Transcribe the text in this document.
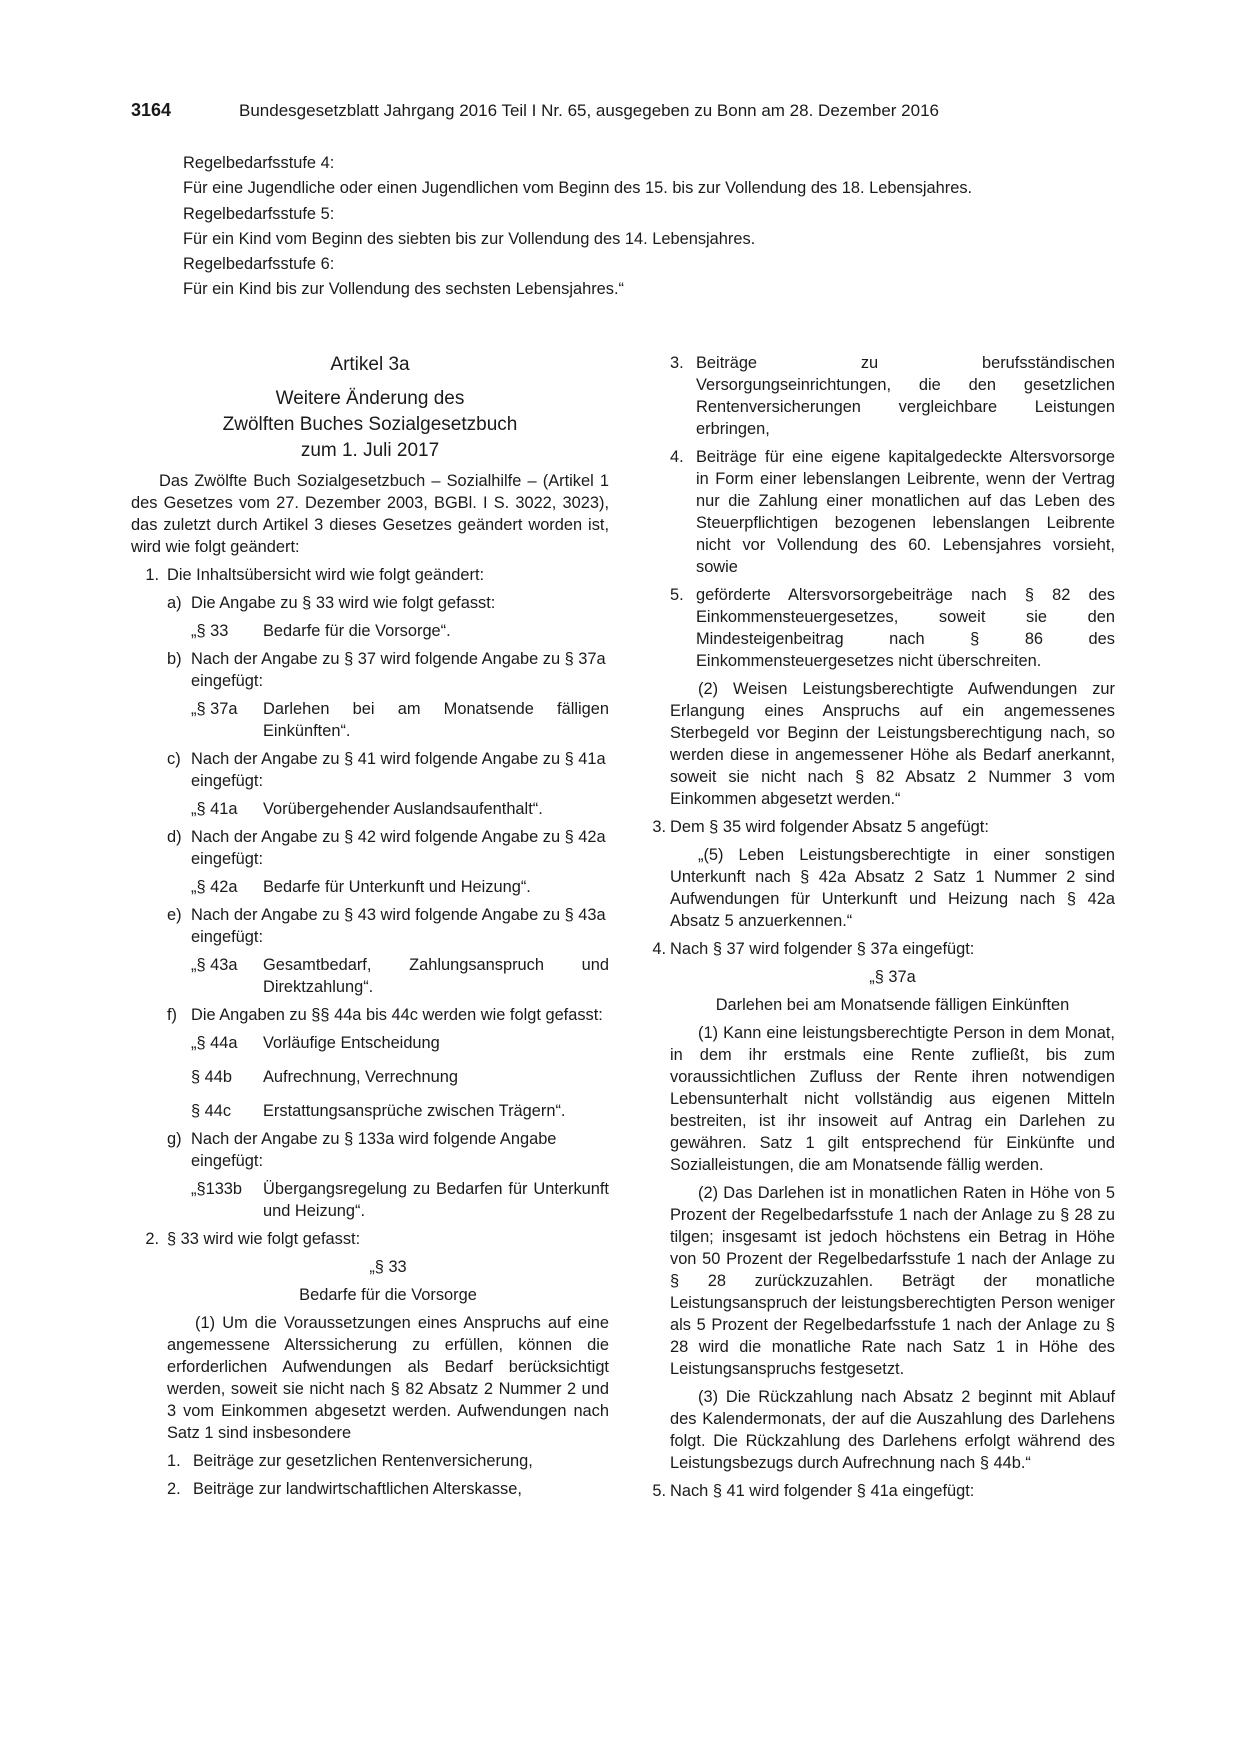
3164	Bundesgesetzblatt Jahrgang 2016 Teil I Nr. 65, ausgegeben zu Bonn am 28. Dezember 2016

Regelbedarfsstufe 4:

Für eine Jugendliche oder einen Jugendlichen vom Beginn des 15. bis zur Vollendung des 18. Lebensjahres.

Regelbedarfsstufe 5:

Für ein Kind vom Beginn des siebten bis zur Vollendung des 14. Lebensjahres.

Regelbedarfsstufe 6:

Für ein Kind bis zur Vollendung des sechsten Lebensjahres.“

Artikel 3a

Weitere Änderung des

Zwölften Buches Sozialgesetzbuch

zum 1. Juli 2017

Das Zwölfte Buch Sozialgesetzbuch – Sozialhilfe – (Artikel 1 des Gesetzes vom 27. Dezember 2003, BGBl. I S. 3022, 3023), das zuletzt durch Artikel 3 dieses Gesetzes geändert worden ist, wird wie folgt geändert:

1. Die Inhaltsübersicht wird wie folgt geändert:
a) Die Angabe zu § 33 wird wie folgt gefasst:
„§ 33	Bedarfe für die Vorsorge“.
b) Nach der Angabe zu § 37 wird folgende Angabe zu § 37a eingefügt:
„§ 37a	Darlehen bei am Monatsende fälligen Einkünften“.
c) Nach der Angabe zu § 41 wird folgende Angabe zu § 41a eingefügt:
„§ 41a	Vorübergehender Auslandsaufenthalt“.
d) Nach der Angabe zu § 42 wird folgende Angabe zu § 42a eingefügt:
„§ 42a	Bedarfe für Unterkunft und Heizung“.
e) Nach der Angabe zu § 43 wird folgende Angabe zu § 43a eingefügt:
„§ 43a	Gesamtbedarf, Zahlungsanspruch und Direktzahlung“.
f) Die Angaben zu §§ 44a bis 44c werden wie folgt gefasst:
„§ 44a	Vorläufige Entscheidung
§ 44b	Aufrechnung, Verrechnung
§ 44c	Erstattungsansprüche zwischen Trägern“.
g) Nach der Angabe zu § 133a wird folgende Angabe eingefügt:
„§133b	Übergangsregelung zu Bedarfen für Unterkunft und Heizung“.
2. § 33 wird wie folgt gefasst:

„§ 33

Bedarfe für die Vorsorge

(1) Um die Voraussetzungen eines Anspruchs auf eine angemessene Alterssicherung zu erfüllen, können die erforderlichen Aufwendungen als Bedarf berücksichtigt werden, soweit sie nicht nach § 82 Absatz 2 Nummer 2 und 3 vom Einkommen abgesetzt werden. Aufwendungen nach Satz 1 sind insbesondere

1. Beiträge zur gesetzlichen Rentenversicherung,
2. Beiträge zur landwirtschaftlichen Alterskasse,
3. Beiträge zu berufsständischen Versorgungseinrichtungen, die den gesetzlichen Rentenversicherungen vergleichbare Leistungen erbringen,
4. Beiträge für eine eigene kapitalgedeckte Altersvorsorge in Form einer lebenslangen Leibrente, wenn der Vertrag nur die Zahlung einer monatlichen auf das Leben des Steuerpflichtigen bezogenen lebenslangen Leibrente nicht vor Vollendung des 60. Lebensjahres vorsieht, sowie
5. geförderte Altersvorsorgebeiträge nach § 82 des Einkommensteuergesetzes, soweit sie den Mindesteigenbeitrag nach § 86 des Einkommensteuergesetzes nicht überschreiten.

(2) Weisen Leistungsberechtigte Aufwendungen zur Erlangung eines Anspruchs auf ein angemessenes Sterbegeld vor Beginn der Leistungsberechtigung nach, so werden diese in angemessener Höhe als Bedarf anerkannt, soweit sie nicht nach § 82 Absatz 2 Nummer 3 vom Einkommen abgesetzt werden.“

3. Dem § 35 wird folgender Absatz 5 angefügt:

„(5) Leben Leistungsberechtigte in einer sonstigen Unterkunft nach § 42a Absatz 2 Satz 1 Nummer 2 sind Aufwendungen für Unterkunft und Heizung nach § 42a Absatz 5 anzuerkennen.“

4. Nach § 37 wird folgender § 37a eingefügt:

„§ 37a

Darlehen bei am Monatsende fälligen Einkünften

(1) Kann eine leistungsberechtigte Person in dem Monat, in dem ihr erstmals eine Rente zufließt, bis zum voraussichtlichen Zufluss der Rente ihren notwendigen Lebensunterhalt nicht vollständig aus eigenen Mitteln bestreiten, ist ihr insoweit auf Antrag ein Darlehen zu gewähren. Satz 1 gilt entsprechend für Einkünfte und Sozialleistungen, die am Monatsende fällig werden.

(2) Das Darlehen ist in monatlichen Raten in Höhe von 5 Prozent der Regelbedarfsstufe 1 nach der Anlage zu § 28 zu tilgen; insgesamt ist jedoch höchstens ein Betrag in Höhe von 50 Prozent der Regelbedarfsstufe 1 nach der Anlage zu § 28 zurückzuzahlen. Beträgt der monatliche Leistungsanspruch der leistungsberechtigten Person weniger als 5 Prozent der Regelbedarfsstufe 1 nach der Anlage zu § 28 wird die monatliche Rate nach Satz 1 in Höhe des Leistungsanspruchs festgesetzt.

(3) Die Rückzahlung nach Absatz 2 beginnt mit Ablauf des Kalendermonats, der auf die Auszahlung des Darlehens folgt. Die Rückzahlung des Darlehens erfolgt während des Leistungsbezugs durch Aufrechnung nach § 44b.“

5. Nach § 41 wird folgender § 41a eingefügt:
